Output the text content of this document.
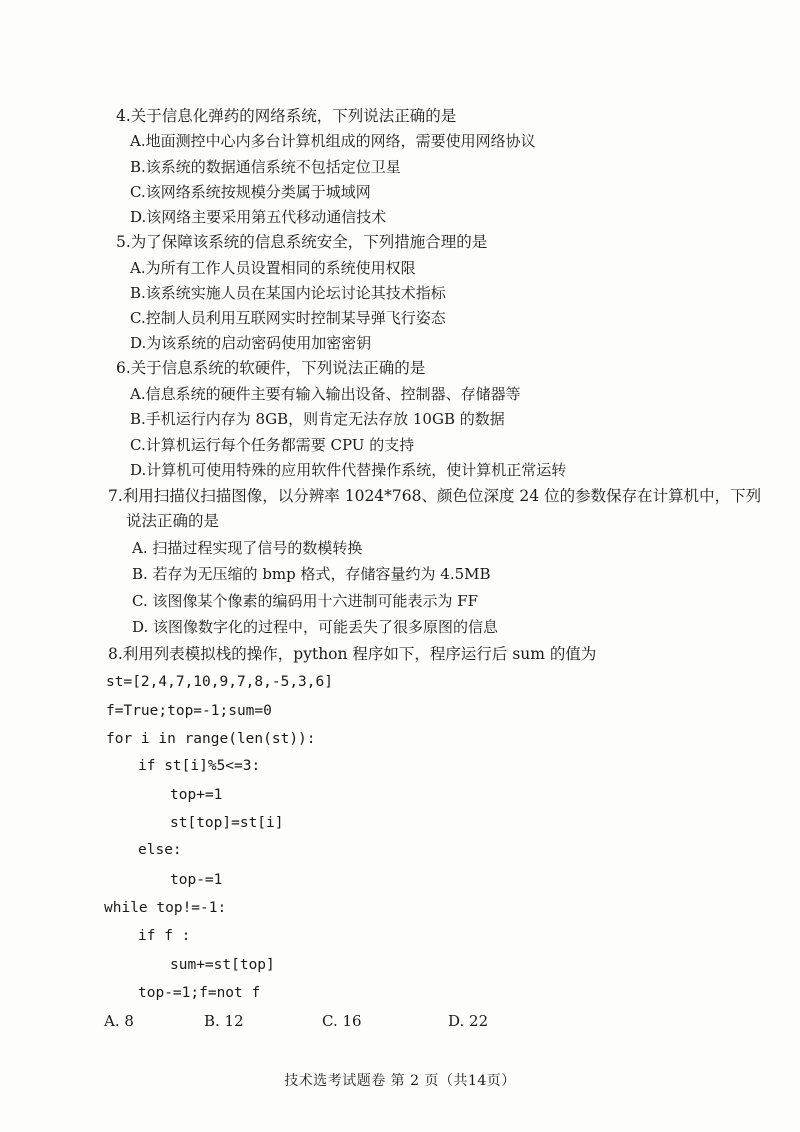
4.关于信息化弹药的网络系统，下列说法正确的是
A.地面测控中心内多台计算机组成的网络，需要使用网络协议
B.该系统的数据通信系统不包括定位卫星
C.该网络系统按规模分类属于城域网
D.该网络主要采用第五代移动通信技术
5.为了保障该系统的信息系统安全，下列措施合理的是
A.为所有工作人员设置相同的系统使用权限
B.该系统实施人员在某国内论坛讨论其技术指标
C.控制人员利用互联网实时控制某导弹飞行姿态
D.为该系统的启动密码使用加密密钥
6.关于信息系统的软硬件，下列说法正确的是
A.信息系统的硬件主要有输入输出设备、控制器、存储器等
B.手机运行内存为 8GB，则肯定无法存放 10GB 的数据
C.计算机运行每个任务都需要 CPU 的支持
D.计算机可使用特殊的应用软件代替操作系统，使计算机正常运转
7.利用扫描仪扫描图像，以分辨率 1024*768、颜色位深度 24 位的参数保存在计算机中，下列
说法正确的是
A. 扫描过程实现了信号的数模转换
B. 若存为无压缩的 bmp 格式，存储容量约为 4.5MB
C. 该图像某个像素的编码用十六进制可能表示为 FF
D. 该图像数字化的过程中，可能丢失了很多原图的信息
8.利用列表模拟栈的操作，python 程序如下，程序运行后 sum 的值为
st=[2,4,7,10,9,7,8,-5,3,6]
f=True;top=-1;sum=0
for i in range(len(st)):
if st[i]%5<=3:
top+=1
st[top]=st[i]
else:
top-=1
while top!=-1:
if f :
sum+=st[top]
top-=1;f=not f
A. 8	B. 12	C. 16	D. 22
技术选考试题卷 第 2 页（共14页）
